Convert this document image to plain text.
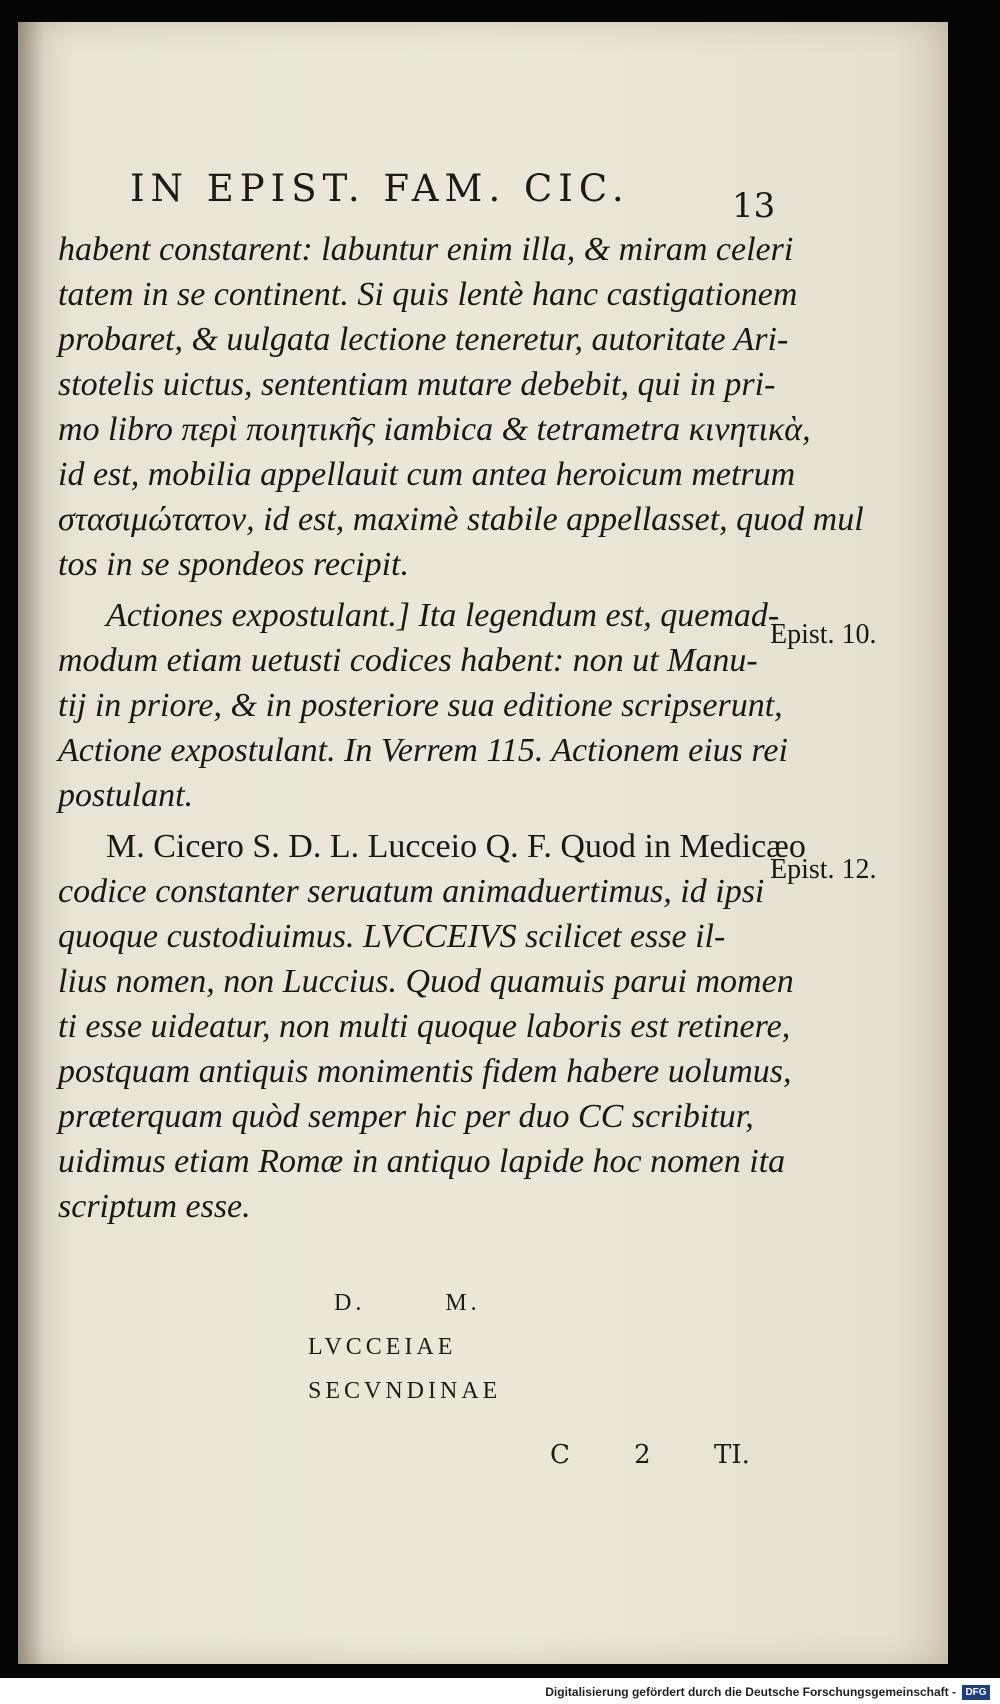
IN EPIST. FAM. CIC.	13
habent constarent: labuntur enim illa, & miram celeri
tatem in se continent. Si quis lentè hanc castigationem
probaret, & uulgata lectione teneretur, autoritate Ari-
stotelis uictus, sententiam mutare debebit, qui in pri-
mo libro περὶ ποιητικῆς iambica & tetrametra κινητικὰ,
id est, mobilia appellauit cum antea heroicum metrum
στασιμώτατον, id est, maximè stabile appellasset, quod mul
tos in se spondeos recipit.
Actiones expostulant.] Ita legendum est, quemad-
modum etiam uetusti codices habent: non ut Manu-
tij in priore, & in posteriore sua editione scripserunt,
Actione expostulant. In Verrem 115. Actionem eius rei
postulant.
M. Cicero S. D. L. Lucceio Q. F. Quod in Medicæo
codice constanter seruatum animaduertimus, id ipsi
quoque custodiuimus. LVCCEIVS scilicet esse il-
lius nomen, non Luccius. Quod quamuis parui momen
ti esse uideatur, non multi quoque laboris est retinere,
postquam antiquis monimentis fidem habere uolumus,
præterquam quòd semper hic per duo CC scribitur,
uidimus etiam Romæ in antiquo lapide hoc nomen ita
scriptum esse.
Epist. 10.
Epist. 12.
D.	M.
LVCCEIAE
SECVNDINAE
C 2 TI.
Digitalisierung gefördert durch die Deutsche Forschungsgemeinschaft - DFG
